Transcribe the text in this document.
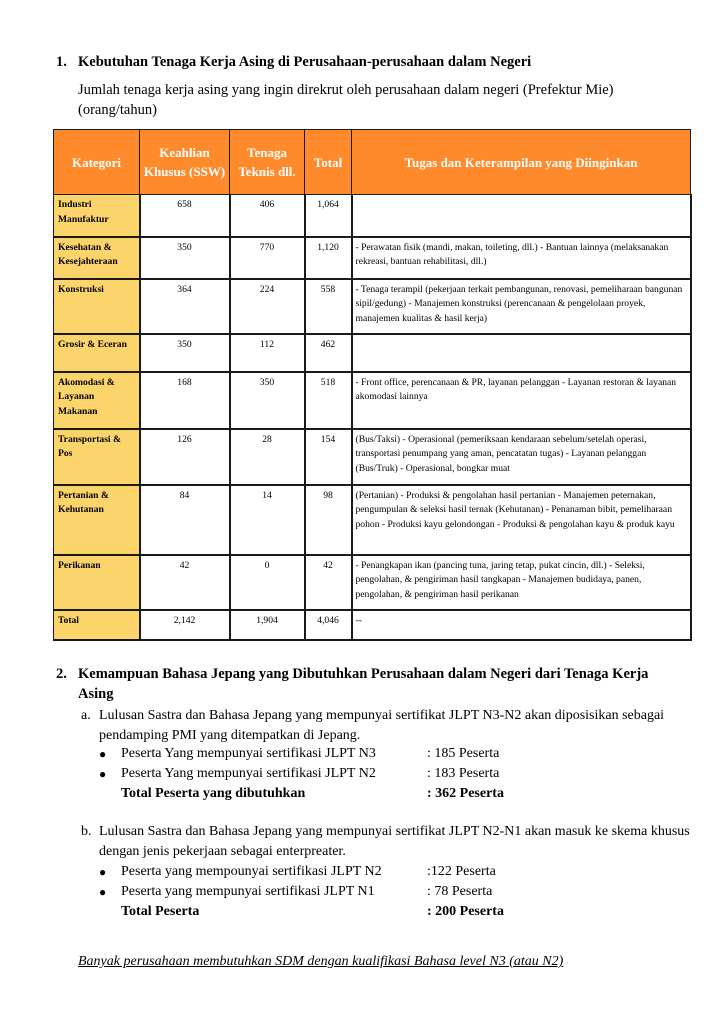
1. Kebutuhan Tenaga Kerja Asing di Perusahaan-perusahaan dalam Negeri
Jumlah tenaga kerja asing yang ingin direkrut oleh perusahaan dalam negeri (Prefektur Mie) (orang/tahun)
Kategori	Keahlian Khusus (SSW)	Tenaga Teknis dll.	Total	Tugas dan Keterampilan yang Diinginkan
Industri Manufaktur	658	406	1,064	
Kesehatan & Kesejahteraan	350	770	1,120	- Perawatan fisik (mandi, makan, toileting, dll.) - Bantuan lainnya (melaksanakan rekreasi, bantuan rehabilitasi, dll.)
Konstruksi	364	224	558	- Tenaga terampil (pekerjaan terkait pembangunan, renovasi, pemeliharaan bangunan sipil/gedung) - Manajemen konstruksi (perencanaan & pengelolaan proyek, manajemen kualitas & hasil kerja)
Grosir & Eceran	350	112	462	
Akomodasi & Layanan Makanan	168	350	518	- Front office, perencanaan & PR, layanan pelanggan - Layanan restoran & layanan akomodasi lainnya
Transportasi & Pos	126	28	154	(Bus/Taksi) - Operasional (pemeriksaan kendaraan sebelum/setelah operasi, transportasi penumpang yang aman, pencatatan tugas) - Layanan pelanggan (Bus/Truk) - Operasional, bongkar muat
Pertanian & Kehutanan	84	14	98	(Pertanian) - Produksi & pengolahan hasil pertanian - Manajemen peternakan, pengumpulan & seleksi hasil ternak (Kehutanan) - Penanaman bibit, pemeliharaan pohon - Produksi kayu gelondongan - Produksi & pengolahan kayu & produk kayu
Perikanan	42	0	42	- Penangkapan ikan (pancing tuna, jaring tetap, pukat cincin, dll.) - Seleksi, pengolahan, & pengiriman hasil tangkapan - Manajemen budidaya, panen, pengolahan, & pengiriman hasil perikanan
Total	2,142	1,904	4,046	--
2. Kemampuan Bahasa Jepang yang Dibutuhkan Perusahaan dalam Negeri dari Tenaga Kerja Asing
a. Lulusan Sastra dan Bahasa Jepang yang mempunyai sertifikat JLPT N3-N2 akan diposisikan sebagai pendamping PMI yang ditempatkan di Jepang.
● Peserta Yang mempunyai sertifikasi JLPT N3	: 185 Peserta
● Peserta Yang mempunyai sertifikasi JLPT N2	: 183 Peserta
Total Peserta yang dibutuhkan	: 362 Peserta
b. Lulusan Sastra dan Bahasa Jepang yang mempunyai sertifikat JLPT N2-N1 akan masuk ke skema khusus dengan jenis pekerjaan sebagai enterpreater.
● Peserta yang mempounyai sertifikasi JLPT N2	:122 Peserta
● Peserta yang mempunyai sertifikasi JLPT N1	: 78 Peserta
Total Peserta	: 200 Peserta
Banyak perusahaan membutuhkan SDM dengan kualifikasi Bahasa level N3 (atau N2)
